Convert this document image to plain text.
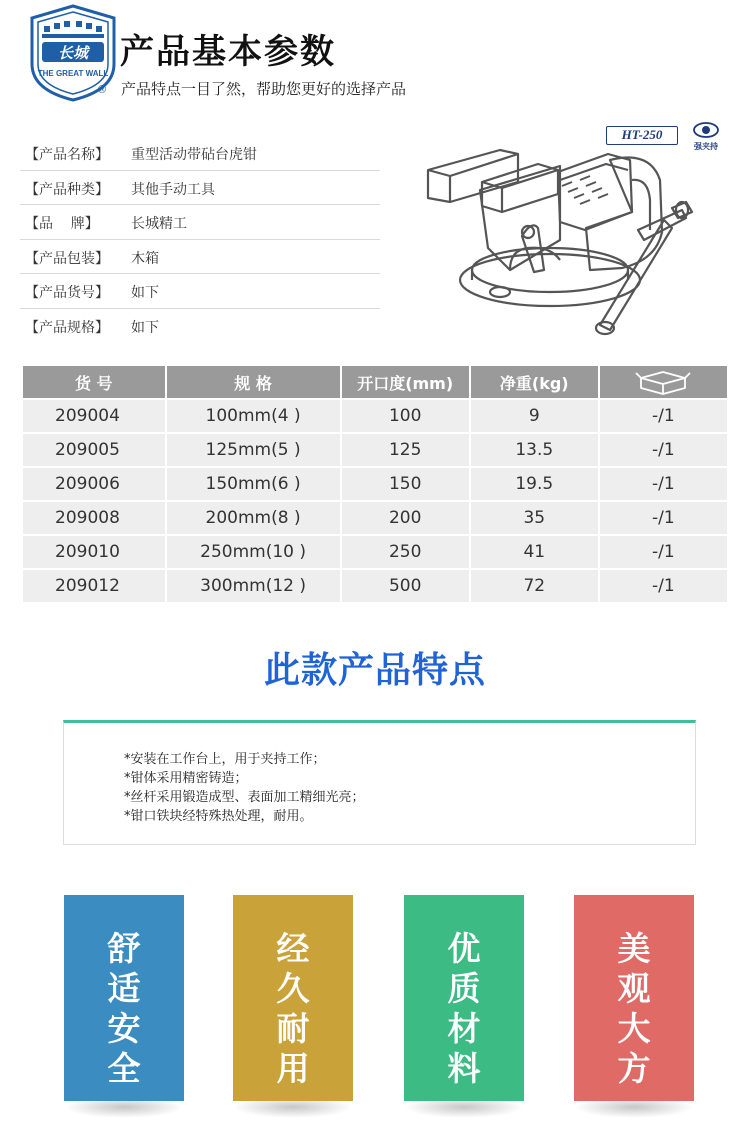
长城
THE GREAT WALL
®
产品基本参数
产品特点一目了然，帮助您更好的选择产品
【产品名称】 重型活动带砧台虎钳
【产品种类】 其他手动工具
【品    牌】 长城精工
【产品包装】 木箱
【产品货号】 如下
【产品规格】 如下
HT-250
强夹持
货 号	规 格	开口度(mm)	净重(kg)	
209004	100mm(4 )	100	9	-/1
209005	125mm(5 )	125	13.5	-/1
209006	150mm(6 )	150	19.5	-/1
209008	200mm(8 )	200	35	-/1
209010	250mm(10 )	250	41	-/1
209012	300mm(12 )	500	72	-/1
此款产品特点
*安装在工作台上，用于夹持工作；
*钳体采用精密铸造；
*丝杆采用锻造成型、表面加工精细光亮；
*钳口铁块经特殊热处理，耐用。
舒
适
安
全
经
久
耐
用
优
质
材
料
美
观
大
方
